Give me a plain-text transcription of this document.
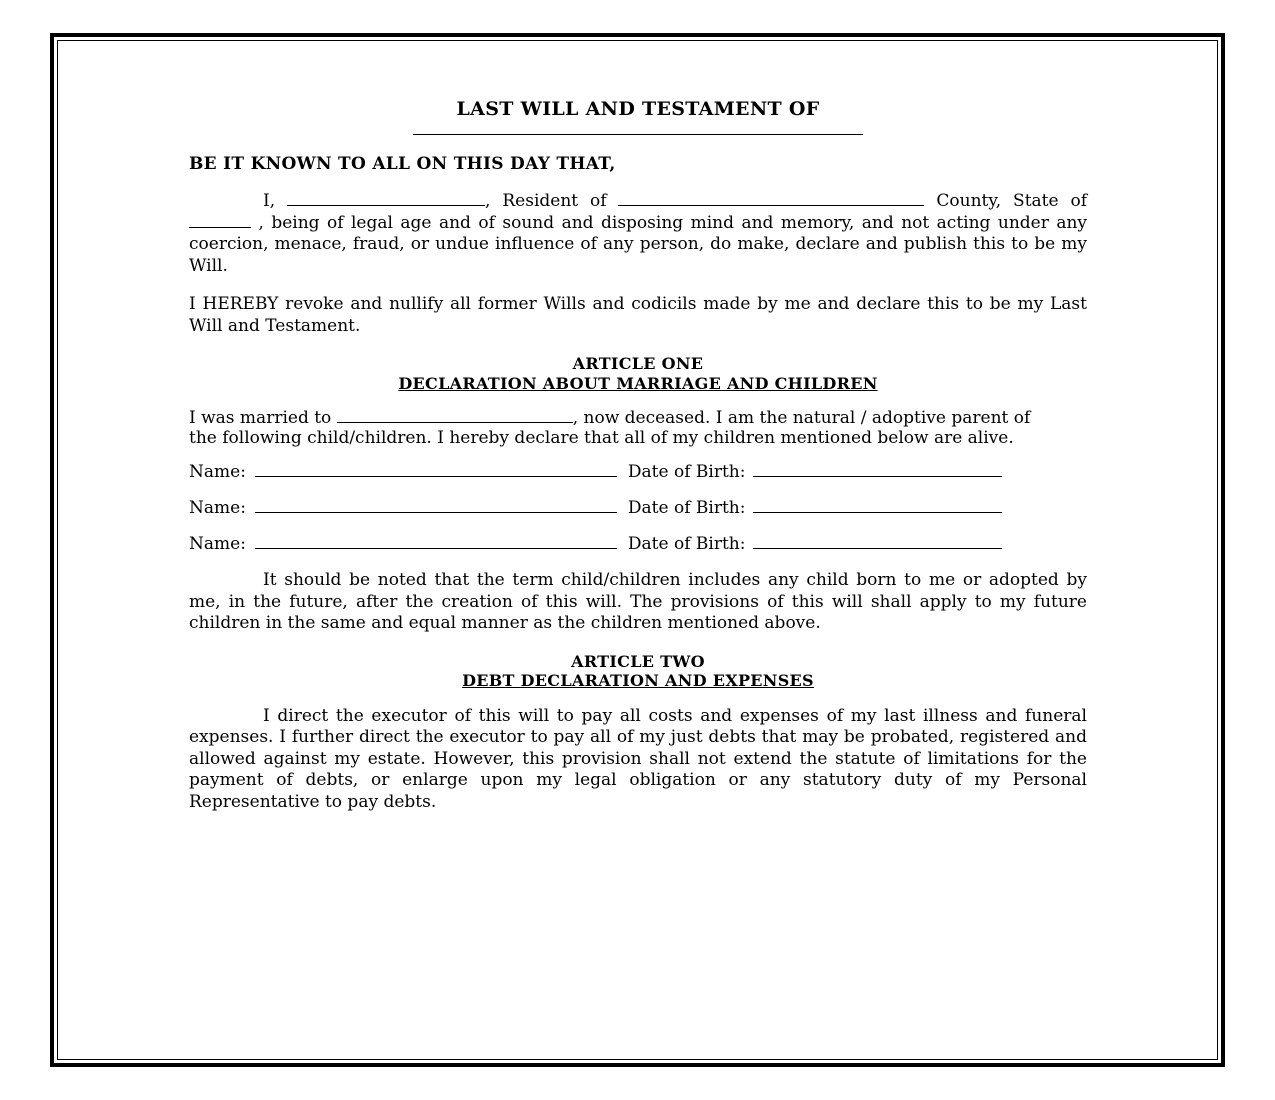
LAST WILL AND TESTAMENT OF
BE IT KNOWN TO ALL ON THIS DAY THAT,

I,	, Resident of	County, State of  , being of legal age and of sound and disposing mind and memory, and not acting under any coercion, menace, fraud, or undue influence of any person, do make, declare and publish this to be my Will.

I HEREBY revoke and nullify all former Wills and codicils made by me and declare this to be my Last Will and Testament.

ARTICLE ONE
DECLARATION ABOUT MARRIAGE AND CHILDREN

I was married to	, now deceased. I am the natural / adoptive parent of the following child/children. I hereby declare that all of my children mentioned below are alive.

Name:	Date of Birth:
Name:	Date of Birth:
Name:	Date of Birth:

It should be noted that the term child/children includes any child born to me or adopted by me, in the future, after the creation of this will. The provisions of this will shall apply to my future children in the same and equal manner as the children mentioned above.

ARTICLE TWO
DEBT DECLARATION AND EXPENSES

I direct the executor of this will to pay all costs and expenses of my last illness and funeral expenses. I further direct the executor to pay all of my just debts that may be probated, registered and allowed against my estate. However, this provision shall not extend the statute of limitations for the payment of debts, or enlarge upon my legal obligation or any statutory duty of my Personal Representative to pay debts.
